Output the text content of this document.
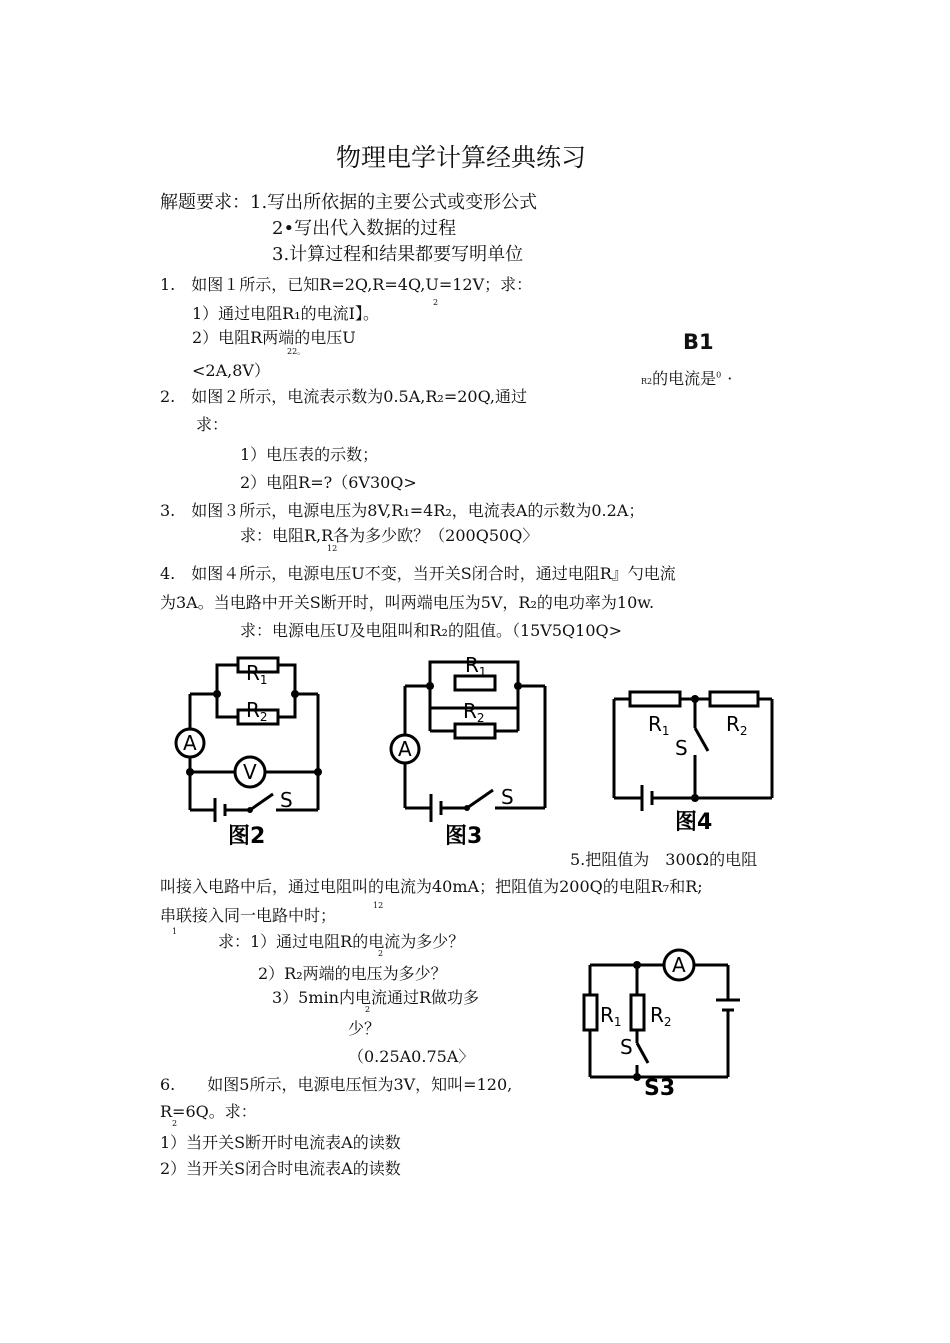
物理电学计算经典练习
解题要求：1.写出所依据的主要公式或变形公式
2•写出代入数据的过程
3.计算过程和结果都要写明单位
1.　如图１所示，已知R=2Q,R=4Q,U=12V；求：
1）通过电阻R₁的电流I】。
2
2）电阻R两端的电压U
22。
<2A,8V）
B1
R2的电流是$^0$ ·
2.　如图２所示，电流表示数为0.5A,R₂=20Q,通过
求：
1）电压表的示数；
2）电阻R=?（6V30Q>
3.　如图３所示，电源电压为8V,R₁=4R₂，电流表A的示数为0.2A；
求：电阻R,R各为多少欧？（200Q50Q〉
12
4.　如图４所示，电源电压U不变，当开关S闭合时，通过电阻R』勺电流
为3A。当电路中开关S断开时，叫两端电压为5V，R₂的电功率为10w.
求：电源电压U及电阻叫和R₂的阻值。（15V5Q10Q>
$R_1$
$R_2$
A
V
S
图2
$R_1$
$R_2$
A
S
图3
$R_1$	$R_2$
S
图4
5.把阻值为　300Ω的电阻
叫接入电路中后，通过电阻叫的电流为40mA；把阻值为200Q的电阻R₇和R;
串联接入同一电路中时；
12
1
求：1）通过电阻R的电流为多少？
2
2）R₂两端的电压为多少？
3）5min内电流通过R做功多
2
少？
（0.25A0.75A〉
$R_1$ $R_2$
A
S
S3
6.　　如图5所示，电源电压恒为3V，知叫=120,
R=6Q。求：
2
1）当开关S断开时电流表A的读数
2）当开关S闭合时电流表A的读数
